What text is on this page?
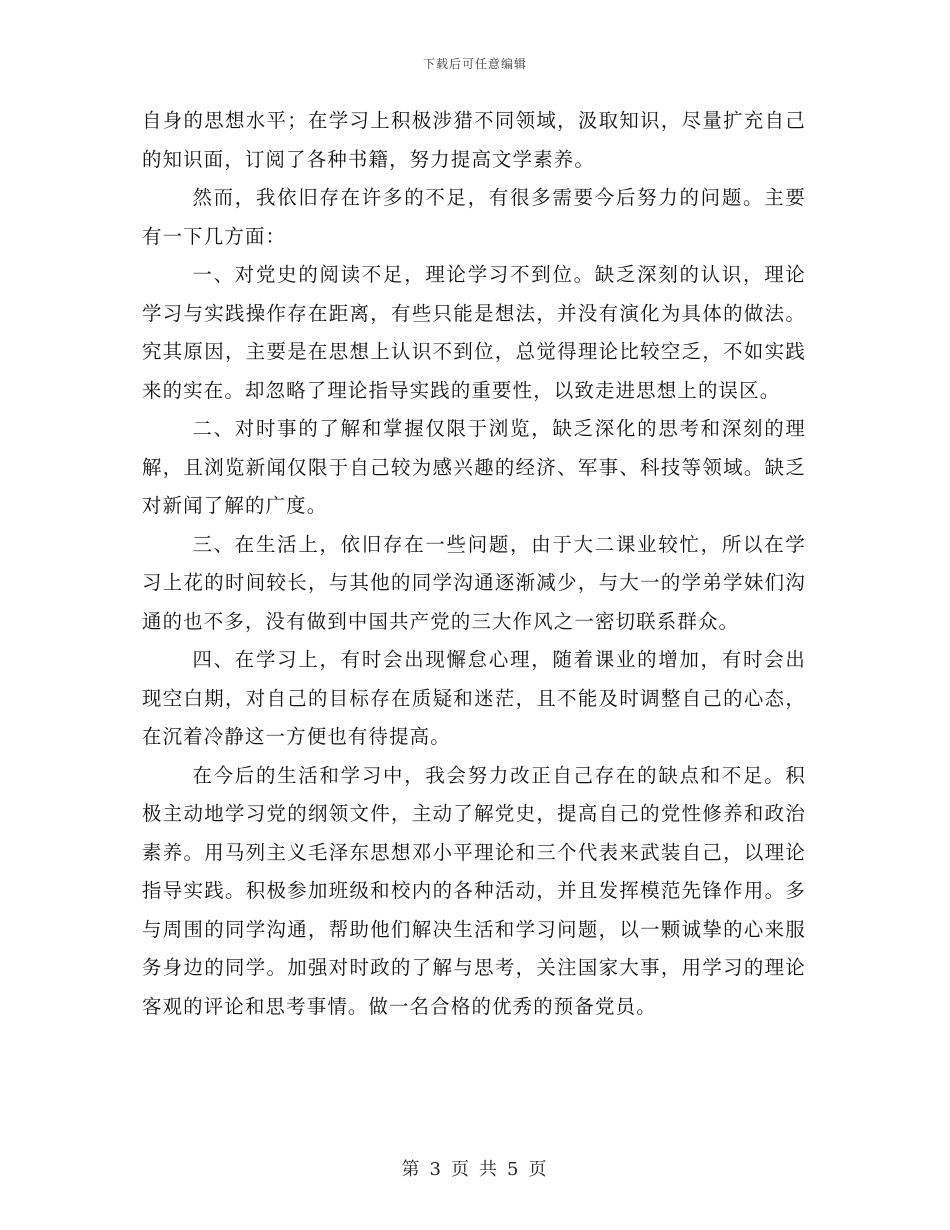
下载后可任意编辑

自身的思想水平；在学习上积极涉猎不同领域，汲取知识，尽量扩充自己的知识面，订阅了各种书籍，努力提高文学素养。

然而，我依旧存在许多的不足，有很多需要今后努力的问题。主要有一下几方面：

一、对党史的阅读不足，理论学习不到位。缺乏深刻的认识，理论学习与实践操作存在距离，有些只能是想法，并没有演化为具体的做法。究其原因，主要是在思想上认识不到位，总觉得理论比较空乏，不如实践来的实在。却忽略了理论指导实践的重要性，以致走进思想上的误区。

二、对时事的了解和掌握仅限于浏览，缺乏深化的思考和深刻的理解，且浏览新闻仅限于自己较为感兴趣的经济、军事、科技等领域。缺乏对新闻了解的广度。

三、在生活上，依旧存在一些问题，由于大二课业较忙，所以在学习上花的时间较长，与其他的同学沟通逐渐减少，与大一的学弟学妹们沟通的也不多，没有做到中国共产党的三大作风之一密切联系群众。

四、在学习上，有时会出现懈怠心理，随着课业的增加，有时会出现空白期，对自己的目标存在质疑和迷茫，且不能及时调整自己的心态，在沉着冷静这一方便也有待提高。

在今后的生活和学习中，我会努力改正自己存在的缺点和不足。积极主动地学习党的纲领文件，主动了解党史，提高自己的党性修养和政治素养。用马列主义毛泽东思想邓小平理论和三个代表来武装自己，以理论指导实践。积极参加班级和校内的各种活动，并且发挥模范先锋作用。多与周围的同学沟通，帮助他们解决生活和学习问题，以一颗诚挚的心来服务身边的同学。加强对时政的了解与思考，关注国家大事，用学习的理论客观的评论和思考事情。做一名合格的优秀的预备党员。

第 3 页 共 5 页
